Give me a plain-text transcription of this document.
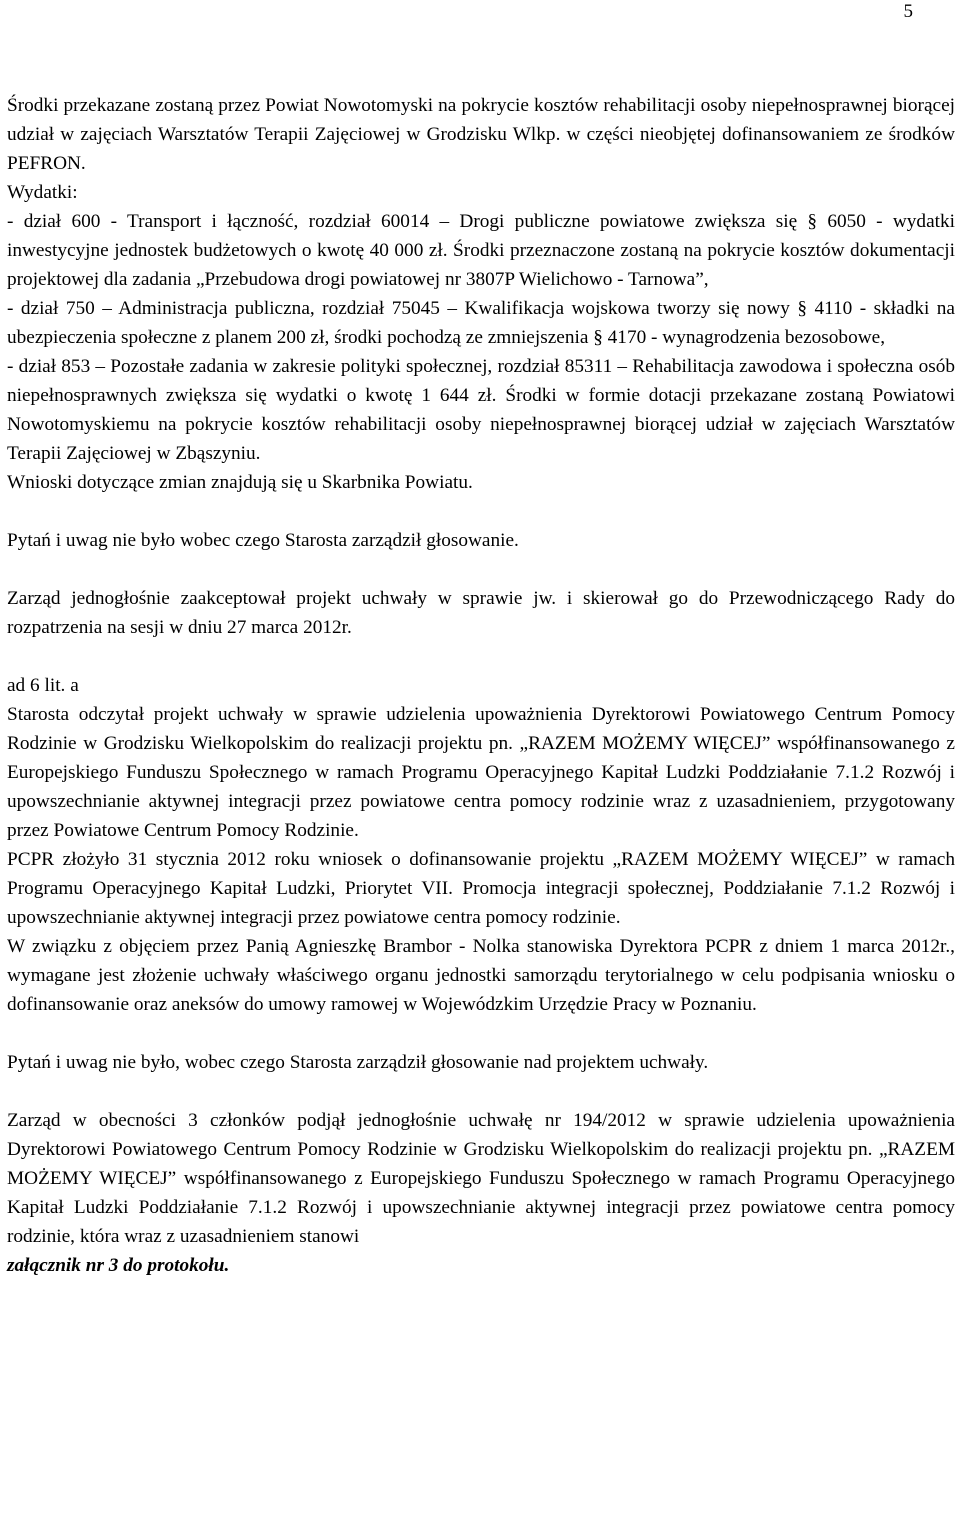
5

Środki przekazane zostaną przez Powiat Nowotomyski na pokrycie kosztów rehabilitacji osoby niepełnosprawnej biorącej udział w zajęciach Warsztatów Terapii Zajęciowej w Grodzisku Wlkp. w części nieobjętej dofinansowaniem ze środków PEFRON.

Wydatki:

- dział 600 - Transport i łączność, rozdział 60014 – Drogi publiczne powiatowe zwiększa się § 6050 - wydatki inwestycyjne jednostek budżetowych o kwotę 40 000 zł. Środki przeznaczone zostaną na pokrycie kosztów dokumentacji projektowej dla zadania „Przebudowa drogi powiatowej nr 3807P Wielichowo - Tarnowa”,

- dział 750 – Administracja publiczna, rozdział 75045 – Kwalifikacja wojskowa tworzy się nowy § 4110 - składki na ubezpieczenia społeczne z planem 200 zł, środki pochodzą ze zmniejszenia § 4170 - wynagrodzenia bezosobowe,

- dział 853 – Pozostałe zadania w zakresie polityki społecznej, rozdział 85311 – Rehabilitacja zawodowa i społeczna osób niepełnosprawnych zwiększa się wydatki o kwotę 1 644 zł. Środki w formie dotacji przekazane zostaną Powiatowi Nowotomyskiemu na pokrycie kosztów rehabilitacji osoby niepełnosprawnej biorącej udział w zajęciach Warsztatów Terapii Zajęciowej w Zbąszyniu.

Wnioski dotyczące zmian znajdują się u Skarbnika Powiatu.

Pytań i uwag nie było wobec czego Starosta zarządził głosowanie.

Zarząd jednogłośnie zaakceptował projekt uchwały w sprawie jw. i skierował go do Przewodniczącego Rady do rozpatrzenia na sesji w dniu 27 marca 2012r.

ad 6 lit. a

Starosta odczytał projekt uchwały w sprawie udzielenia upoważnienia Dyrektorowi Powiatowego Centrum Pomocy Rodzinie w Grodzisku Wielkopolskim do realizacji projektu pn. „RAZEM MOŻEMY WIĘCEJ” współfinansowanego z Europejskiego Funduszu Społecznego w ramach Programu Operacyjnego Kapitał Ludzki Poddziałanie 7.1.2 Rozwój i upowszechnianie aktywnej integracji przez powiatowe centra pomocy rodzinie wraz z uzasadnieniem, przygotowany przez Powiatowe Centrum Pomocy Rodzinie.

PCPR złożyło 31 stycznia 2012 roku wniosek o dofinansowanie projektu „RAZEM MOŻEMY WIĘCEJ” w ramach Programu Operacyjnego Kapitał Ludzki, Priorytet VII. Promocja integracji społecznej, Poddziałanie 7.1.2 Rozwój i upowszechnianie aktywnej integracji przez powiatowe centra pomocy rodzinie.

W związku z objęciem przez Panią Agnieszkę Brambor - Nolka stanowiska Dyrektora PCPR z dniem 1 marca 2012r., wymagane jest złożenie uchwały właściwego organu jednostki samorządu terytorialnego w celu podpisania wniosku o dofinansowanie oraz aneksów do umowy ramowej w Wojewódzkim Urzędzie Pracy w Poznaniu.

Pytań i uwag nie było, wobec czego Starosta zarządził głosowanie nad projektem uchwały.

Zarząd w obecności 3 członków podjął jednogłośnie uchwałę nr 194/2012 w sprawie udzielenia upoważnienia Dyrektorowi Powiatowego Centrum Pomocy Rodzinie w Grodzisku Wielkopolskim do realizacji projektu pn. „RAZEM MOŻEMY WIĘCEJ” współfinansowanego z Europejskiego Funduszu Społecznego w ramach Programu Operacyjnego Kapitał Ludzki Poddziałanie 7.1.2 Rozwój i upowszechnianie aktywnej integracji przez powiatowe centra pomocy rodzinie, która wraz z uzasadnieniem stanowi

załącznik nr 3 do protokołu.
